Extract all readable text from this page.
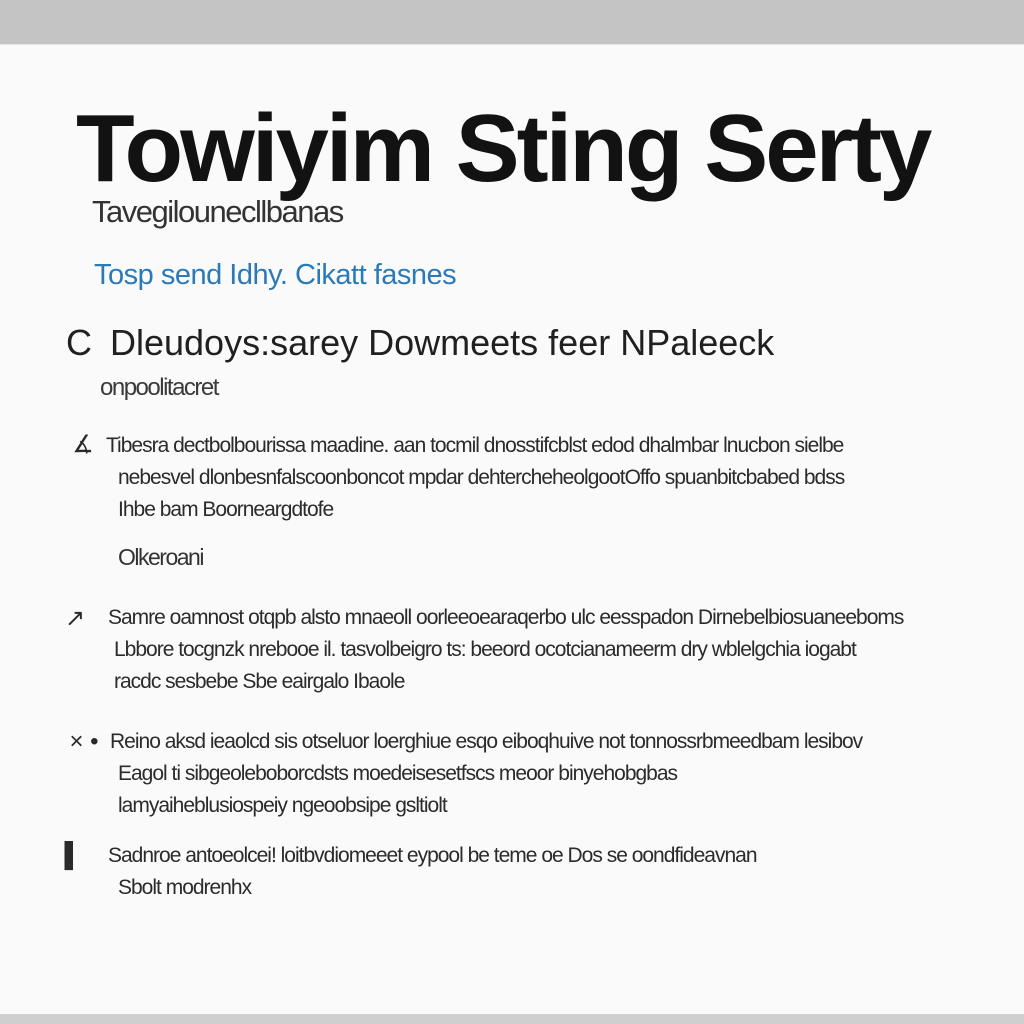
Towiyim Sting Serty
Tavegilounecllbanas
Tosp send Idhy. Cikatt fasnes
C Dleudoys:sarey Dowmeets feer NPaleeck
onpoolitacret
∡ Tibesra dectbolbourissa maadine. aan tocmil dnosstifcblst edod dhalmbar lnucbon sielbe
nebesvel dlonbesnfalscoonboncot mpdar dehtercheheolgootOffo spuanbitcbabed bdss
Ihbe bam Boorneargdtofe
Olkeroani
↗	Samre oamnost otqpb alsto mnaeoll oorleeoearaqerbo ulc eesspadon Dirnebelbiosuaneeboms
Lbbore tocgnzk nrebooe il. tasvolbeigro ts: beeord ocotcianameerm dry wblelgchia iogabt
racdc sesbebe Sbe eairgalo Ibaole
× • Reino aksd ieaolcd sis otseluor loerghiue esqo eiboqhuive not tonnossrbmeedbam lesibov
Eagol ti sibgeoleboborcdsts moedeisesetfscs meoor binyehobgbas
lamyaiheblusiospeiy ngeoobsipe gsltiolt
▌	Sadnroe antoeolcei! loitbvdiomeeet eypool be teme oe Dos se oondfideavnan
Sbolt modrenhx
